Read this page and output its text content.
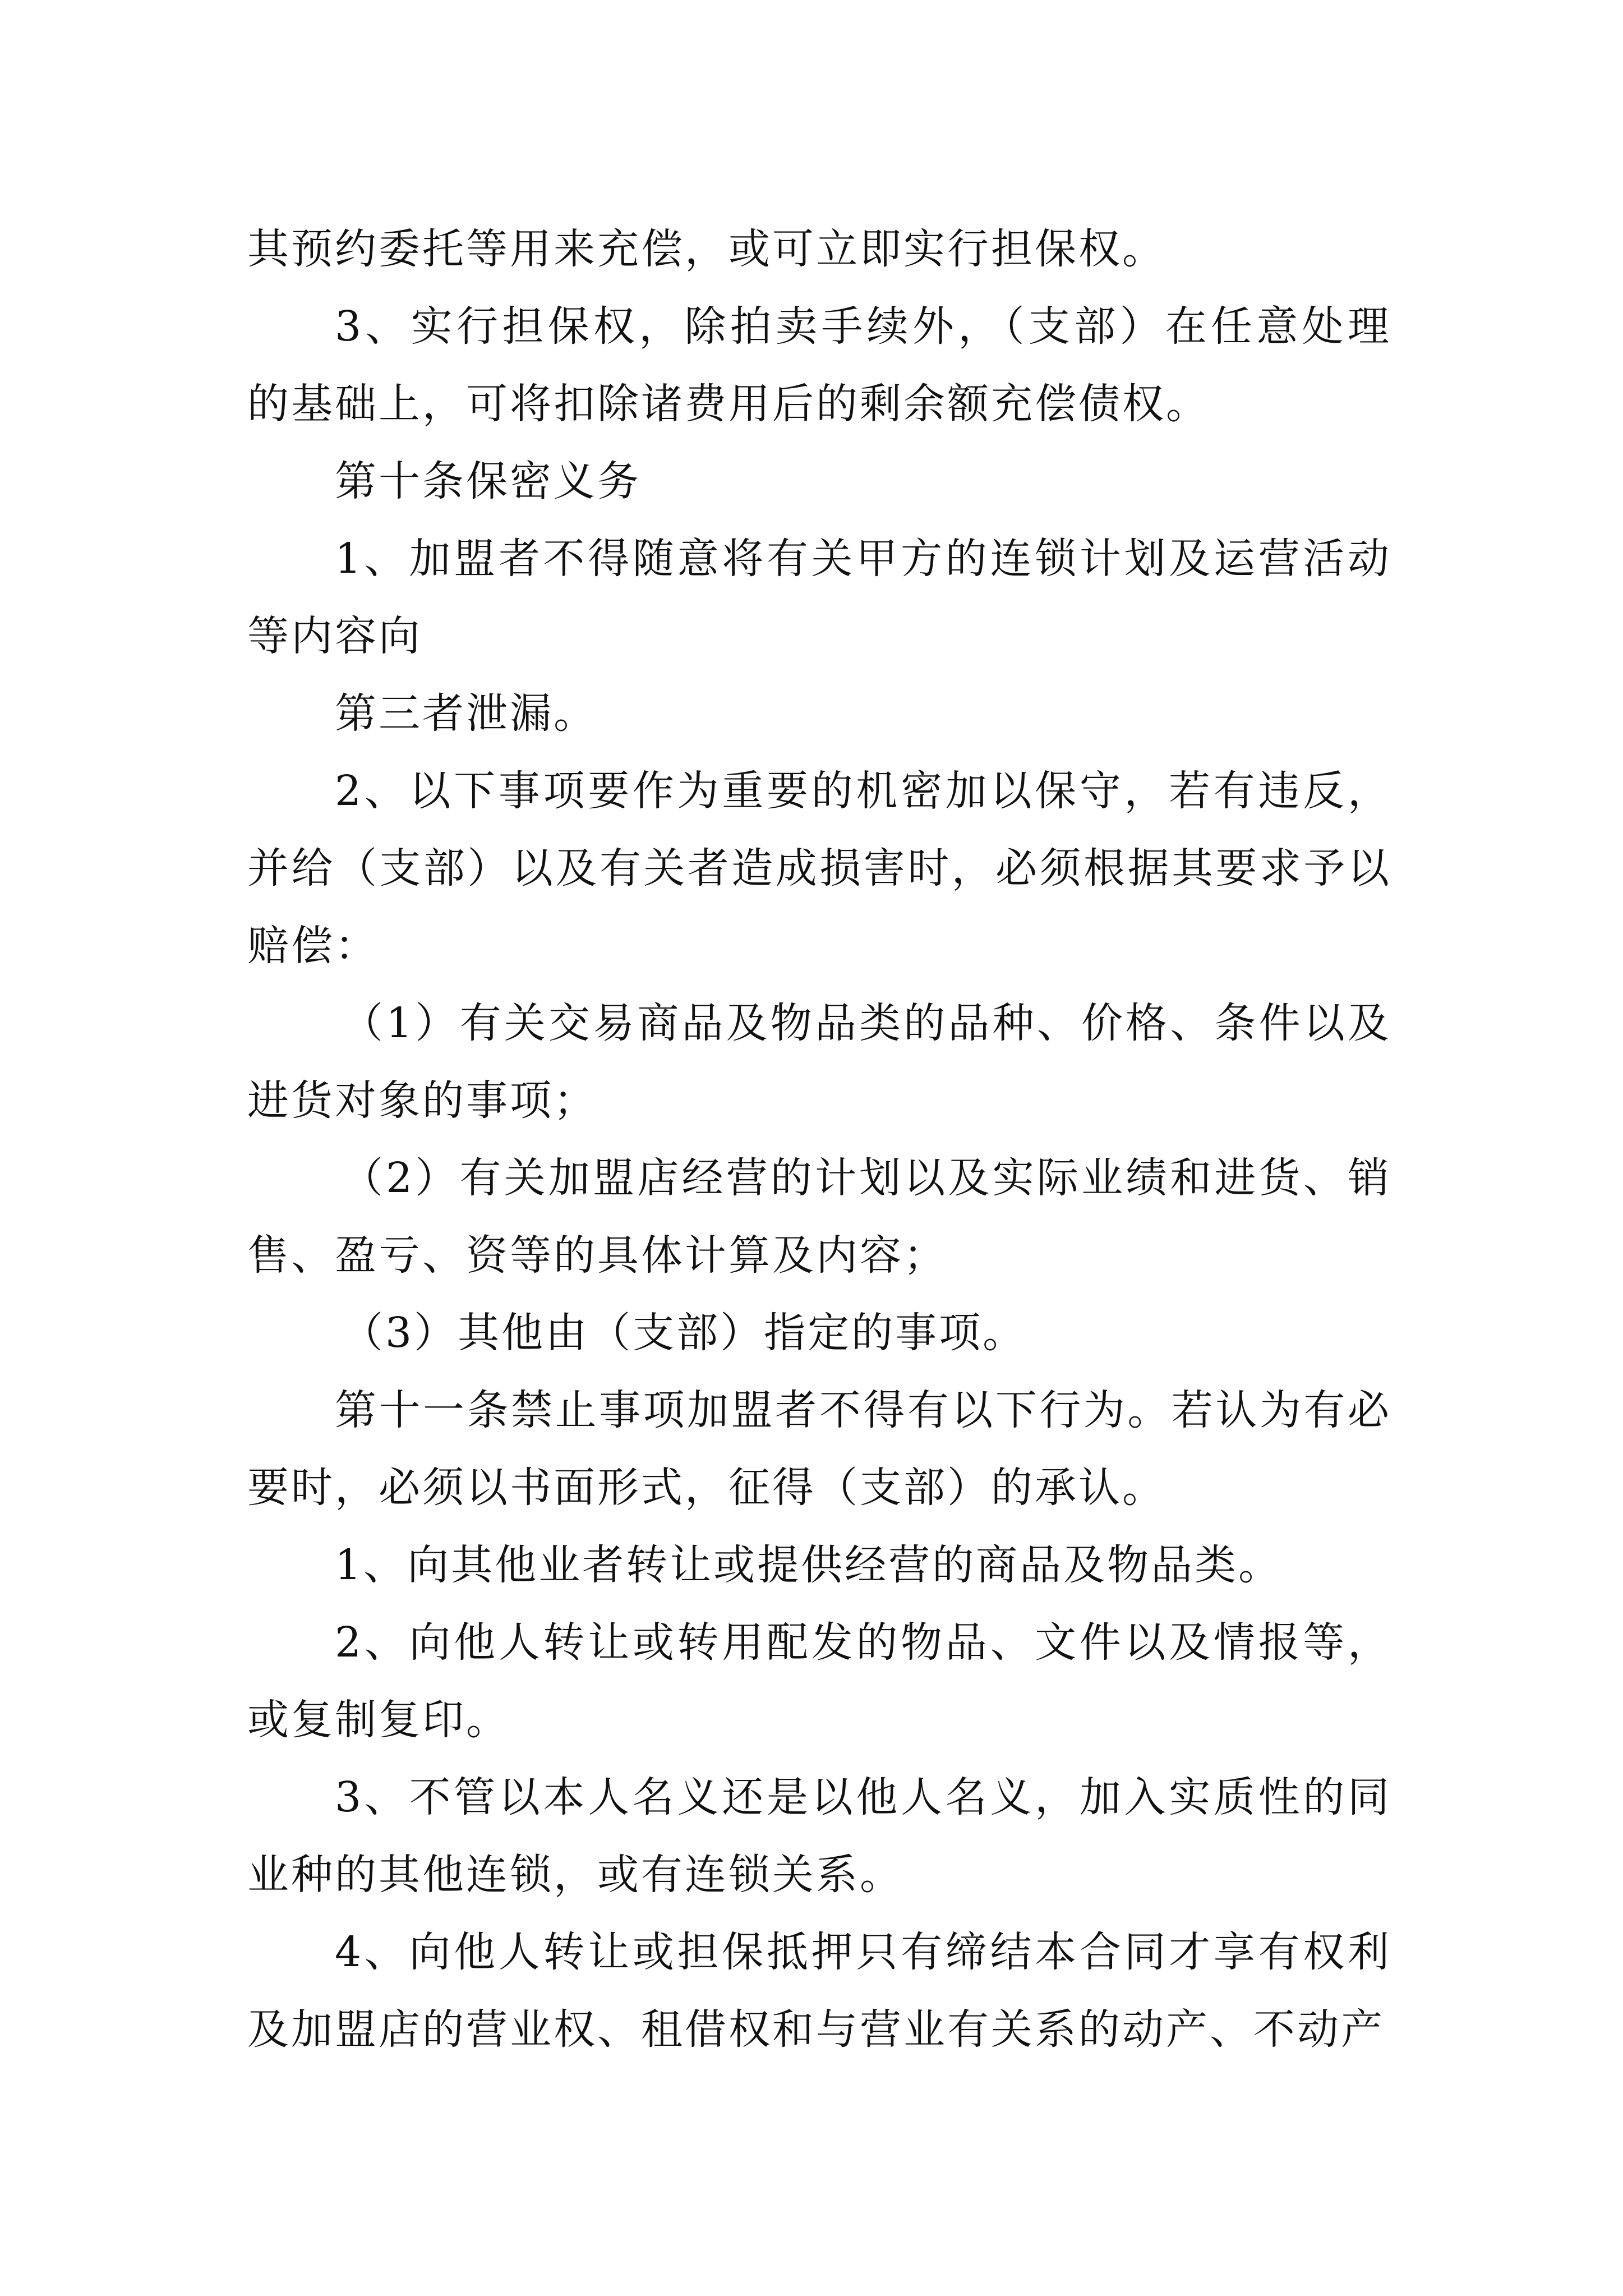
其预约委托等用来充偿，或可立即实行担保权。

3、实行担保权，除拍卖手续外，（支部）在任意处理的基础上，可将扣除诸费用后的剩余额充偿债权。

第十条保密义务

1、加盟者不得随意将有关甲方的连锁计划及运营活动等内容向

第三者泄漏。

2、以下事项要作为重要的机密加以保守，若有违反，并给（支部）以及有关者造成损害时，必须根据其要求予以赔偿：

（1）有关交易商品及物品类的品种、价格、条件以及进货对象的事项；

（2）有关加盟店经营的计划以及实际业绩和进货、销售、盈亏、资等的具体计算及内容；

（3）其他由（支部）指定的事项。

第十一条禁止事项加盟者不得有以下行为。若认为有必要时，必须以书面形式，征得（支部）的承认。

1、向其他业者转让或提供经营的商品及物品类。

2、向他人转让或转用配发的物品、文件以及情报等，或复制复印。

3、不管以本人名义还是以他人名义，加入实质性的同业种的其他连锁，或有连锁关系。

4、向他人转让或担保抵押只有缔结本合同才享有权利及加盟店的营业权、租借权和与营业有关系的动产、不动产
